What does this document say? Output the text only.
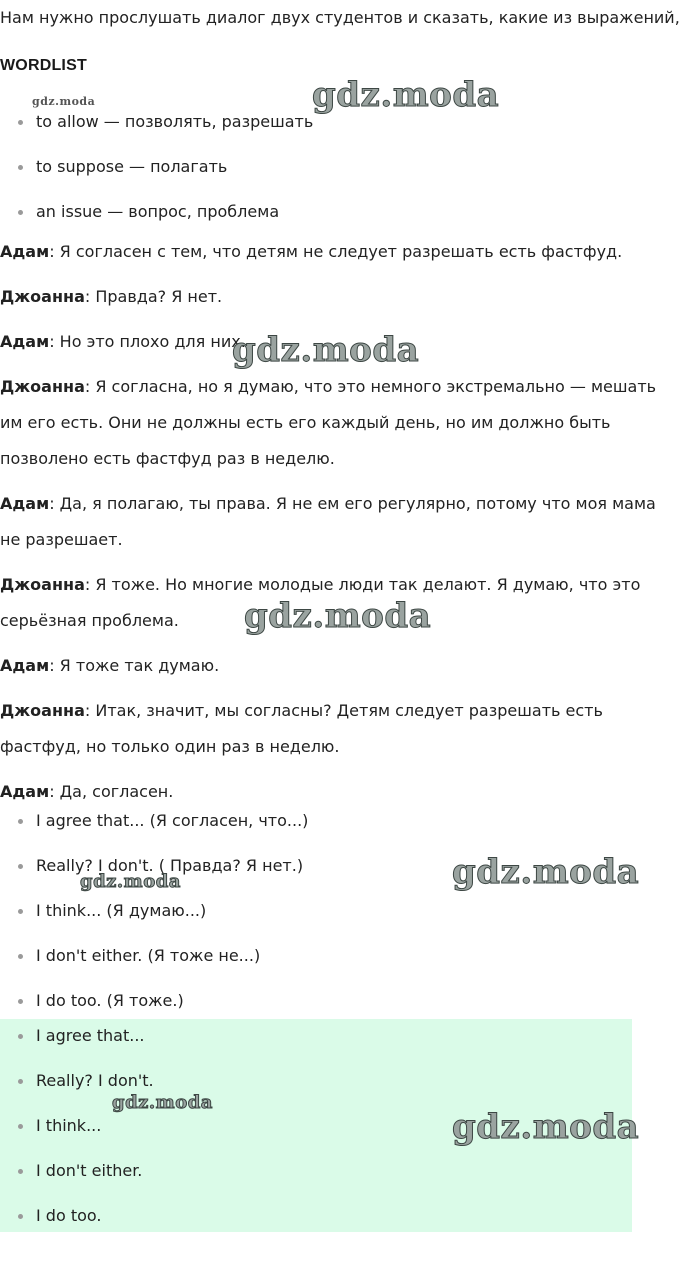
Нам нужно прослушать диалог двух студентов и сказать, какие из выражений,

WORDLIST
to allow — позволять, разрешать
to suppose — полагать
an issue — вопрос, проблема

Адам: Я согласен с тем, что детям не следует разрешать есть фастфуд.

Джоанна: Правда? Я нет.

Адам: Но это плохо для них.

Джоанна: Я согласна, но я думаю, что это немного экстремально — мешать им его есть. Они не должны есть его каждый день, но им должно быть позволено есть фастфуд раз в неделю.

Адам: Да, я полагаю, ты права. Я не ем его регулярно, потому что моя мама не разрешает.

Джоанна: Я тоже. Но многие молодые люди так делают. Я думаю, что это серьёзная проблема.

Адам: Я тоже так думаю.

Джоанна: Итак, значит, мы согласны? Детям следует разрешать есть фастфуд, но только один раз в неделю.

Адам: Да, согласен.

I agree that... (Я согласен, что...)
Really? I don't. ( Правда? Я нет.)
I think... (Я думаю...)
I don't either. (Я тоже не...)
I do too. (Я тоже.)
I agree that...
Really? I don't.
I think...
I don't either.
I do too.
gdz.moda	gdz.moda
gdz.moda
gdz.moda
gdz.moda
gdz.moda
gdz.moda
gdz.moda
